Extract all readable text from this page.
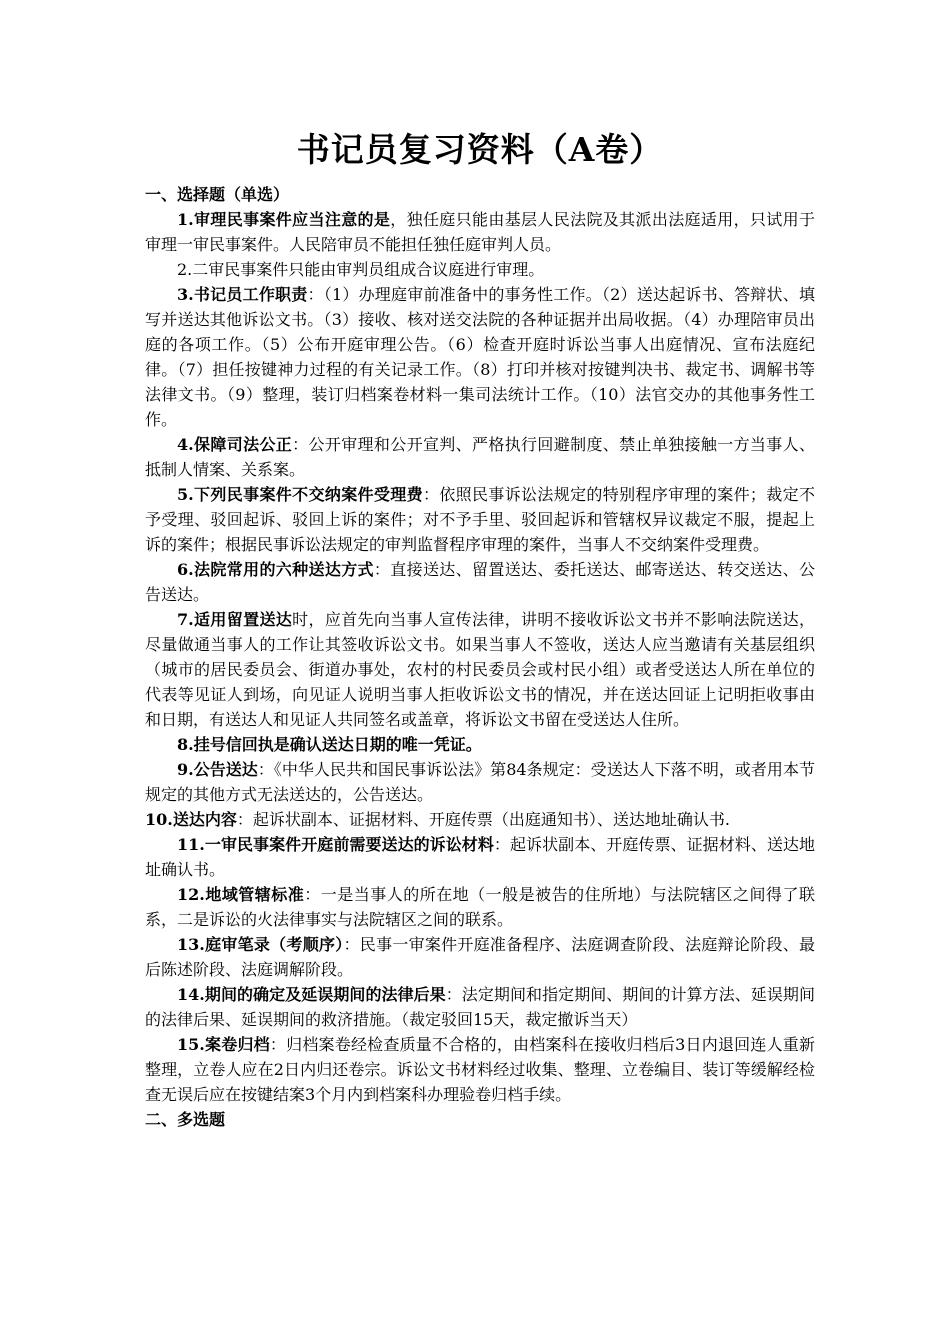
书记员复习资料（A卷）

一、选择题（单选）

1.审理民事案件应当注意的是，独任庭只能由基层人民法院及其派出法庭适用，只试用于审理一审民事案件。人民陪审员不能担任独任庭审判人员。

2.二审民事案件只能由审判员组成合议庭进行审理。

3.书记员工作职责：（1）办理庭审前准备中的事务性工作。（2）送达起诉书、答辩状、填写并送达其他诉讼文书。（3）接收、核对送交法院的各种证据并出局收据。（4）办理陪审员出庭的各项工作。（5）公布开庭审理公告。（6）检查开庭时诉讼当事人出庭情况、宣布法庭纪律。（7）担任按键神力过程的有关记录工作。（8）打印并核对按键判决书、裁定书、调解书等法律文书。（9）整理，装订归档案卷材料一集司法统计工作。（10）法官交办的其他事务性工作。

4.保障司法公正：公开审理和公开宣判、严格执行回避制度、禁止单独接触一方当事人、抵制人情案、关系案。

5.下列民事案件不交纳案件受理费：依照民事诉讼法规定的特别程序审理的案件；裁定不予受理、驳回起诉、驳回上诉的案件；对不予手里、驳回起诉和管辖权异议裁定不服，提起上诉的案件；根据民事诉讼法规定的审判监督程序审理的案件，当事人不交纳案件受理费。

6.法院常用的六种送达方式：直接送达、留置送达、委托送达、邮寄送达、转交送达、公告送达。

7.适用留置送达时，应首先向当事人宣传法律，讲明不接收诉讼文书并不影响法院送达，尽量做通当事人的工作让其签收诉讼文书。如果当事人不签收，送达人应当邀请有关基层组织（城市的居民委员会、街道办事处，农村的村民委员会或村民小组）或者受送达人所在单位的代表等见证人到场，向见证人说明当事人拒收诉讼文书的情况，并在送达回证上记明拒收事由和日期，有送达人和见证人共同签名或盖章，将诉讼文书留在受送达人住所。

8.挂号信回执是确认送达日期的唯一凭证。

9.公告送达：《中华人民共和国民事诉讼法》第84条规定：受送达人下落不明，或者用本节规定的其他方式无法送达的，公告送达。

10.送达内容：起诉状副本、证据材料、开庭传票（出庭通知书）、送达地址确认书.

11.一审民事案件开庭前需要送达的诉讼材料：起诉状副本、开庭传票、证据材料、送达地址确认书。

12.地域管辖标准：一是当事人的所在地（一般是被告的住所地）与法院辖区之间得了联系，二是诉讼的火法律事实与法院辖区之间的联系。

13.庭审笔录（考顺序）：民事一审案件开庭准备程序、法庭调查阶段、法庭辩论阶段、最后陈述阶段、法庭调解阶段。

14.期间的确定及延误期间的法律后果：法定期间和指定期间、期间的计算方法、延误期间的法律后果、延误期间的救济措施。（裁定驳回15天，裁定撤诉当天）

15.案卷归档：归档案卷经检查质量不合格的，由档案科在接收归档后3日内退回连人重新整理，立卷人应在2日内归还卷宗。诉讼文书材料经过收集、整理、立卷编目、装订等缓解经检查无误后应在按键结案3个月内到档案科办理验卷归档手续。

二、多选题
